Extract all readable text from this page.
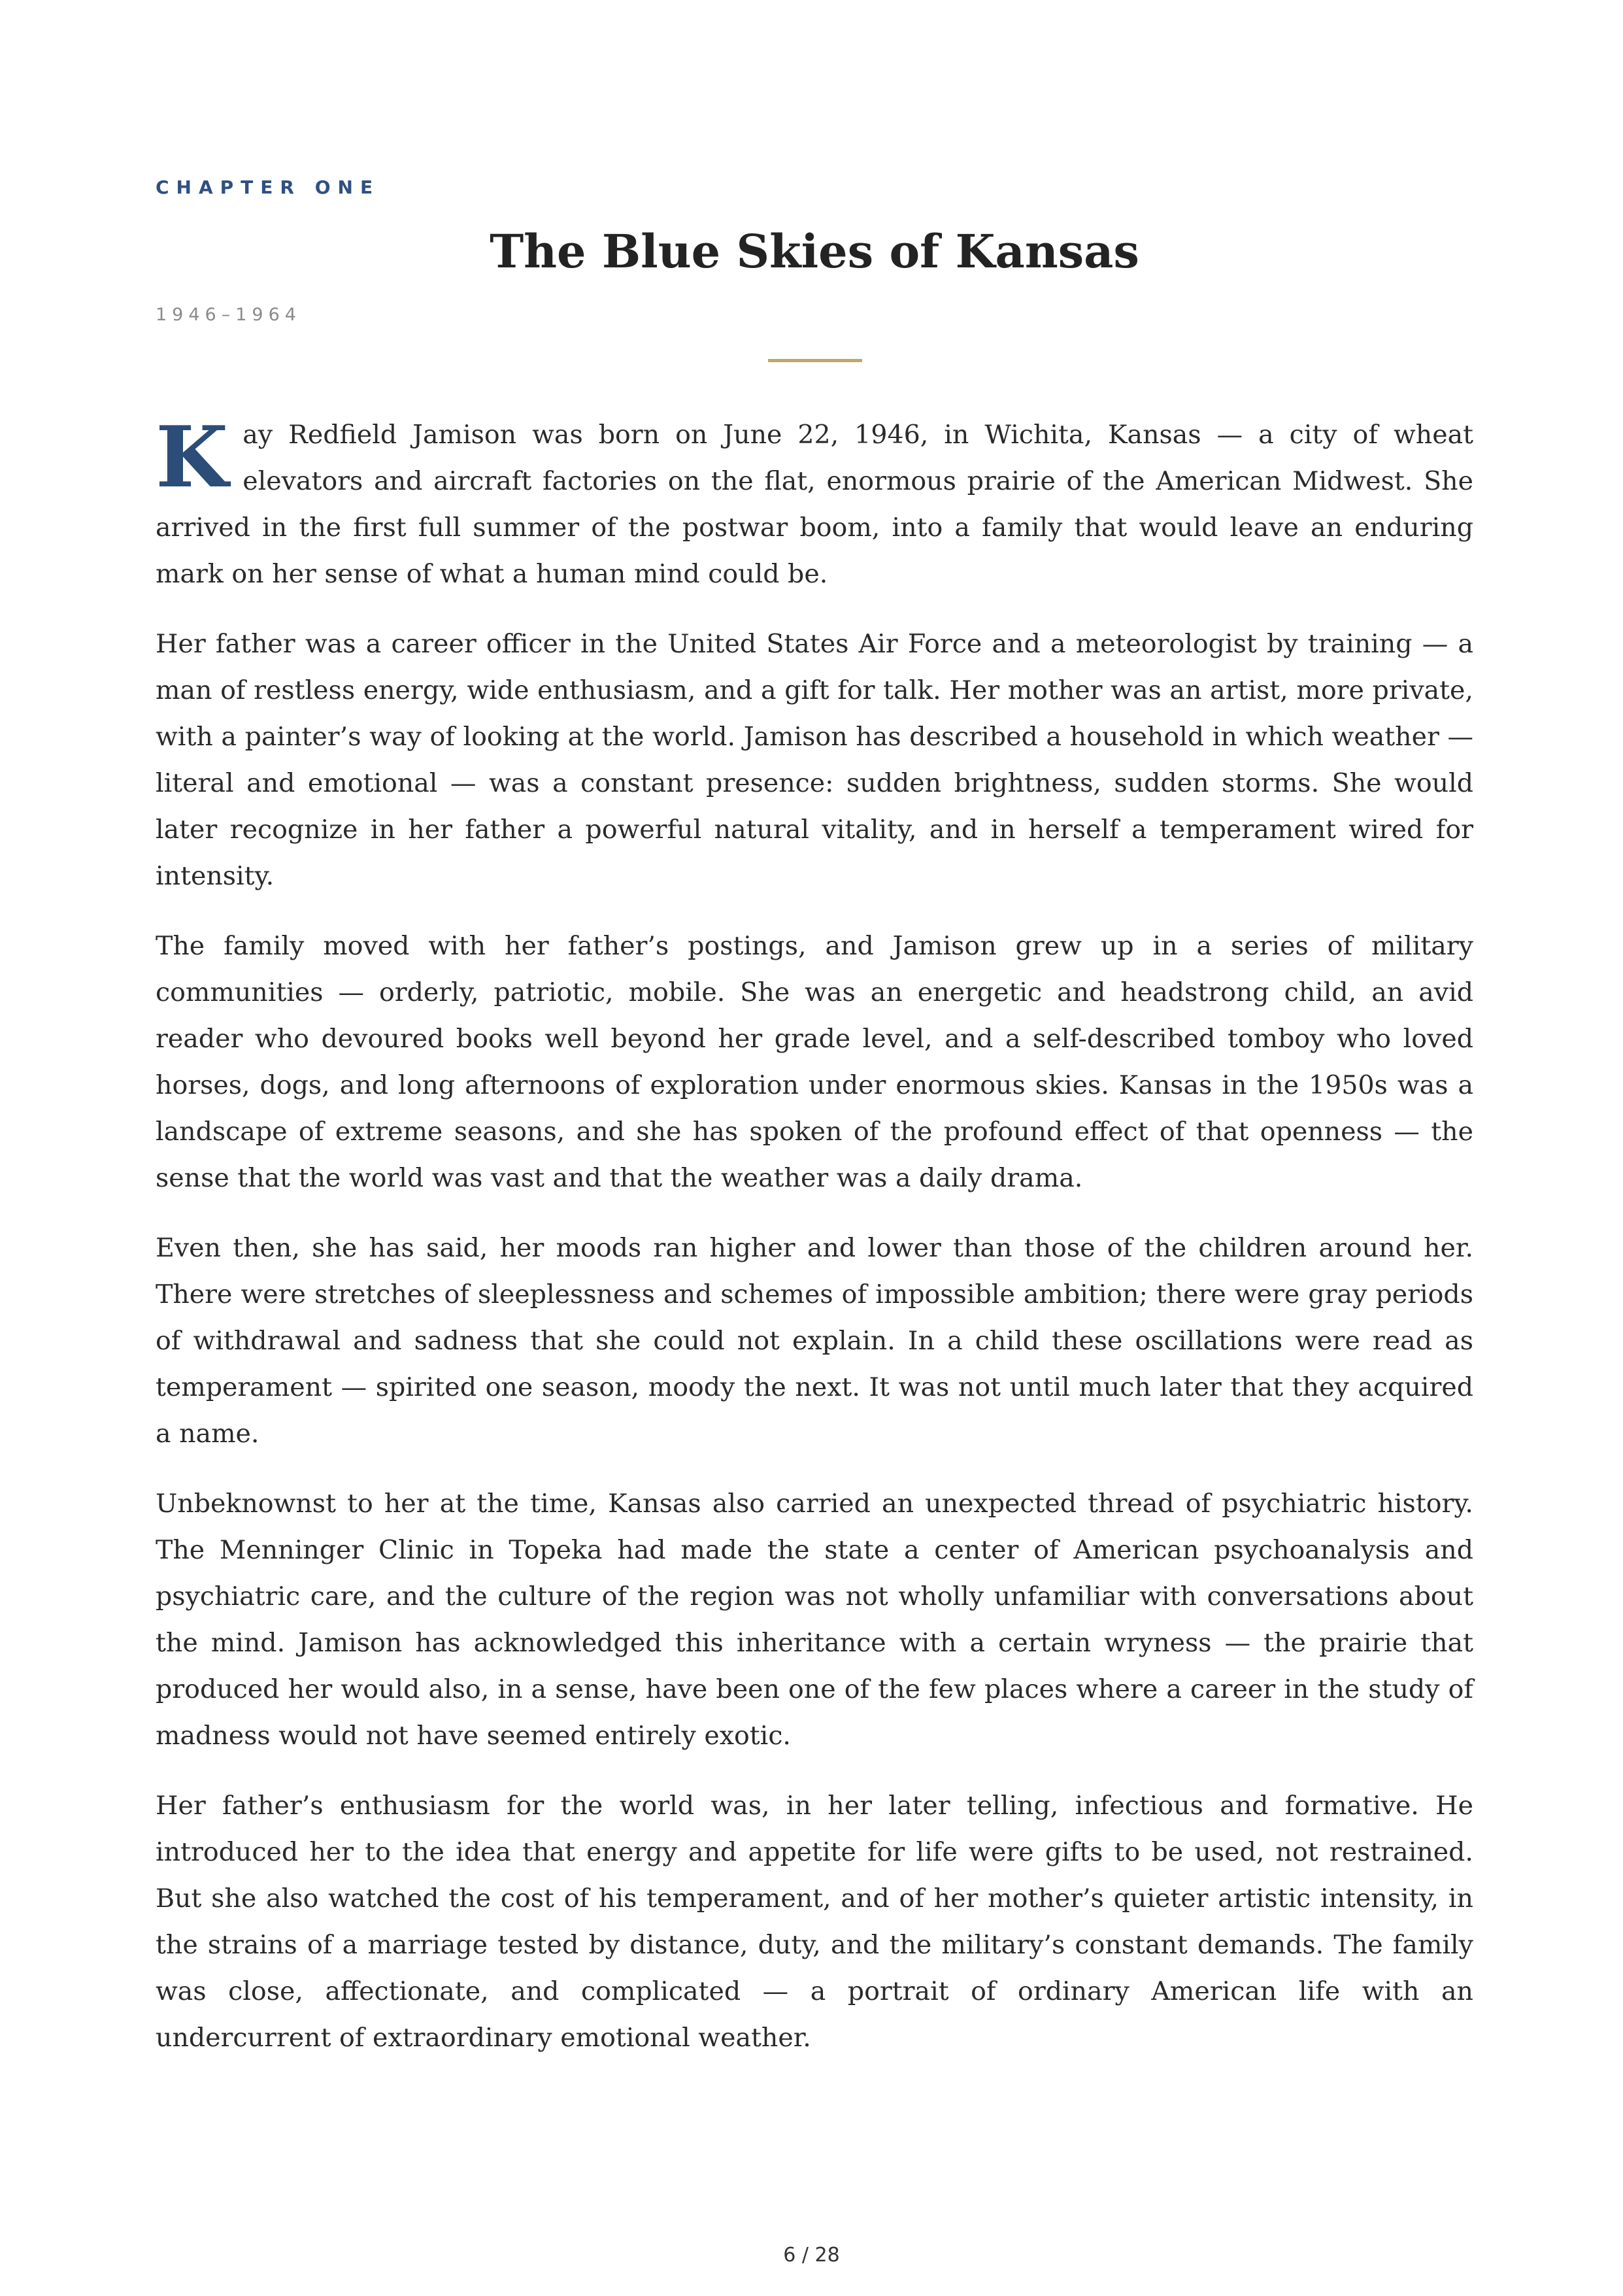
CHAPTER ONE
The Blue Skies of Kansas
1946–1964

Kay Redfield Jamison was born on June 22, 1946, in Wichita, Kansas — a city of wheat elevators and aircraft factories on the flat, enormous prairie of the American Midwest. She arrived in the first full summer of the postwar boom, into a family that would leave an enduring mark on her sense of what a human mind could be.

Her father was a career officer in the United States Air Force and a meteorologist by training — a man of restless energy, wide enthusiasm, and a gift for talk. Her mother was an artist, more private, with a painter’s way of looking at the world. Jamison has described a household in which weather — literal and emotional — was a constant presence: sudden brightness, sudden storms. She would later recognize in her father a powerful natural vitality, and in herself a temperament wired for intensity.

The family moved with her father’s postings, and Jamison grew up in a series of military communities — orderly, patriotic, mobile. She was an energetic and headstrong child, an avid reader who devoured books well beyond her grade level, and a self-described tomboy who loved horses, dogs, and long afternoons of exploration under enormous skies. Kansas in the 1950s was a landscape of extreme seasons, and she has spoken of the profound effect of that openness — the sense that the world was vast and that the weather was a daily drama.

Even then, she has said, her moods ran higher and lower than those of the children around her. There were stretches of sleeplessness and schemes of impossible ambition; there were gray periods of withdrawal and sadness that she could not explain. In a child these oscillations were read as temperament — spirited one season, moody the next. It was not until much later that they acquired a name.

Unbeknownst to her at the time, Kansas also carried an unexpected thread of psychiatric history. The Menninger Clinic in Topeka had made the state a center of American psychoanalysis and psychiatric care, and the culture of the region was not wholly unfamiliar with conversations about the mind. Jamison has acknowledged this inheritance with a certain wryness — the prairie that produced her would also, in a sense, have been one of the few places where a career in the study of madness would not have seemed entirely exotic.

Her father’s enthusiasm for the world was, in her later telling, infectious and formative. He introduced her to the idea that energy and appetite for life were gifts to be used, not restrained. But she also watched the cost of his temperament, and of her mother’s quieter artistic intensity, in the strains of a marriage tested by distance, duty, and the military’s constant demands. The family was close, affectionate, and complicated — a portrait of ordinary American life with an undercurrent of extraordinary emotional weather.

6 / 28
